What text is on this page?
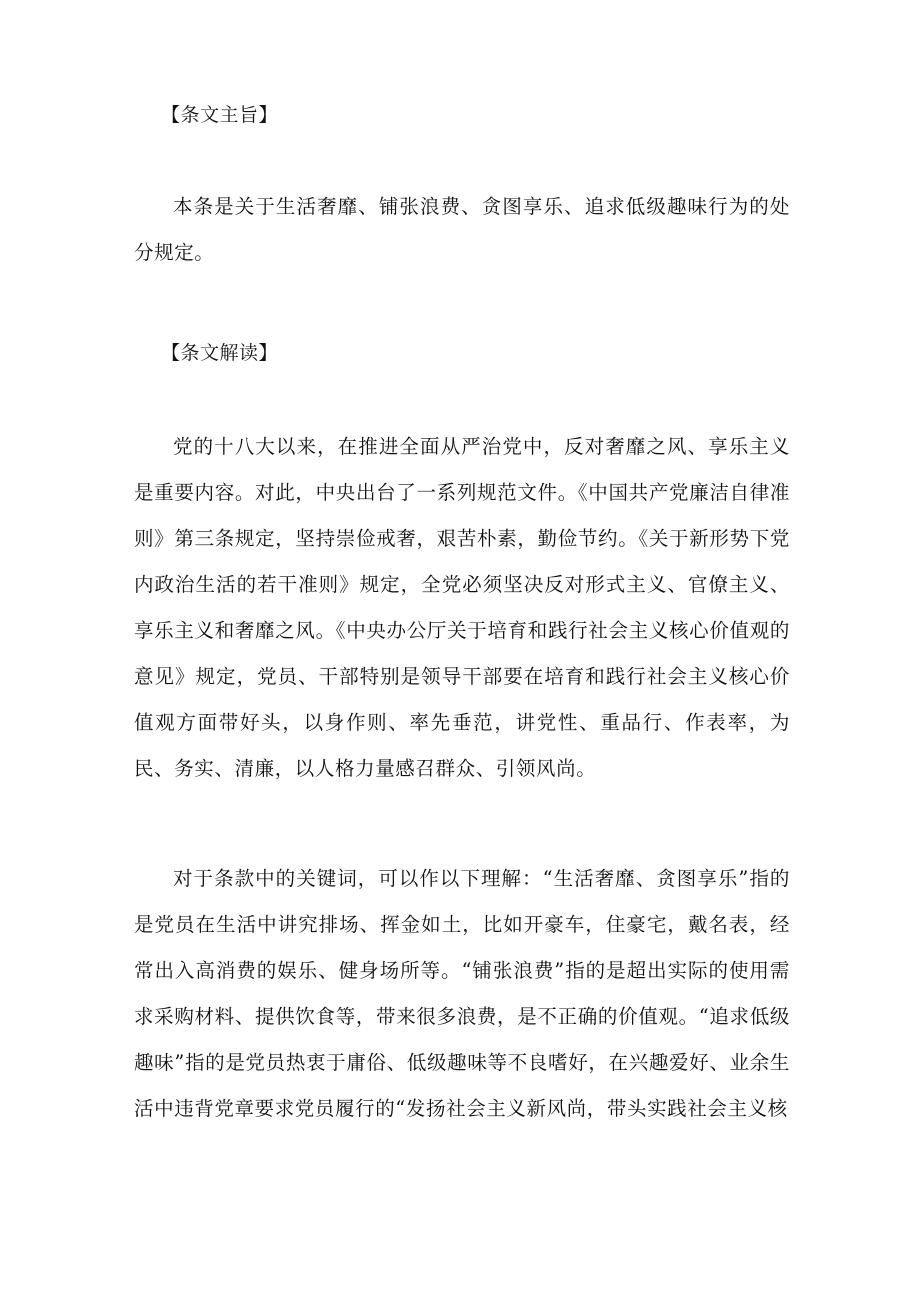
【条文主旨】
本条是关于生活奢靡、铺张浪费、贪图享乐、追求低级趣味行为的处分规定。
【条文解读】
党的十八大以来，在推进全面从严治党中，反对奢靡之风、享乐主义是重要内容。对此，中央出台了一系列规范文件。《中国共产党廉洁自律准则》第三条规定，坚持崇俭戒奢，艰苦朴素，勤俭节约。《关于新形势下党内政治生活的若干准则》规定，全党必须坚决反对形式主义、官僚主义、享乐主义和奢靡之风。《中央办公厅关于培育和践行社会主义核心价值观的意见》规定，党员、干部特别是领导干部要在培育和践行社会主义核心价值观方面带好头，以身作则、率先垂范，讲党性、重品行、作表率，为民、务实、清廉，以人格力量感召群众、引领风尚。
对于条款中的关键词，可以作以下理解：“生活奢靡、贪图享乐”指的是党员在生活中讲究排场、挥金如土，比如开豪车，住豪宅，戴名表，经常出入高消费的娱乐、健身场所等。“铺张浪费”指的是超出实际的使用需求采购材料、提供饮食等，带来很多浪费，是不正确的价值观。“追求低级趣味”指的是党员热衷于庸俗、低级趣味等不良嗜好，在兴趣爱好、业余生活中违背党章要求党员履行的“发扬社会主义新风尚，带头实践社会主义核
